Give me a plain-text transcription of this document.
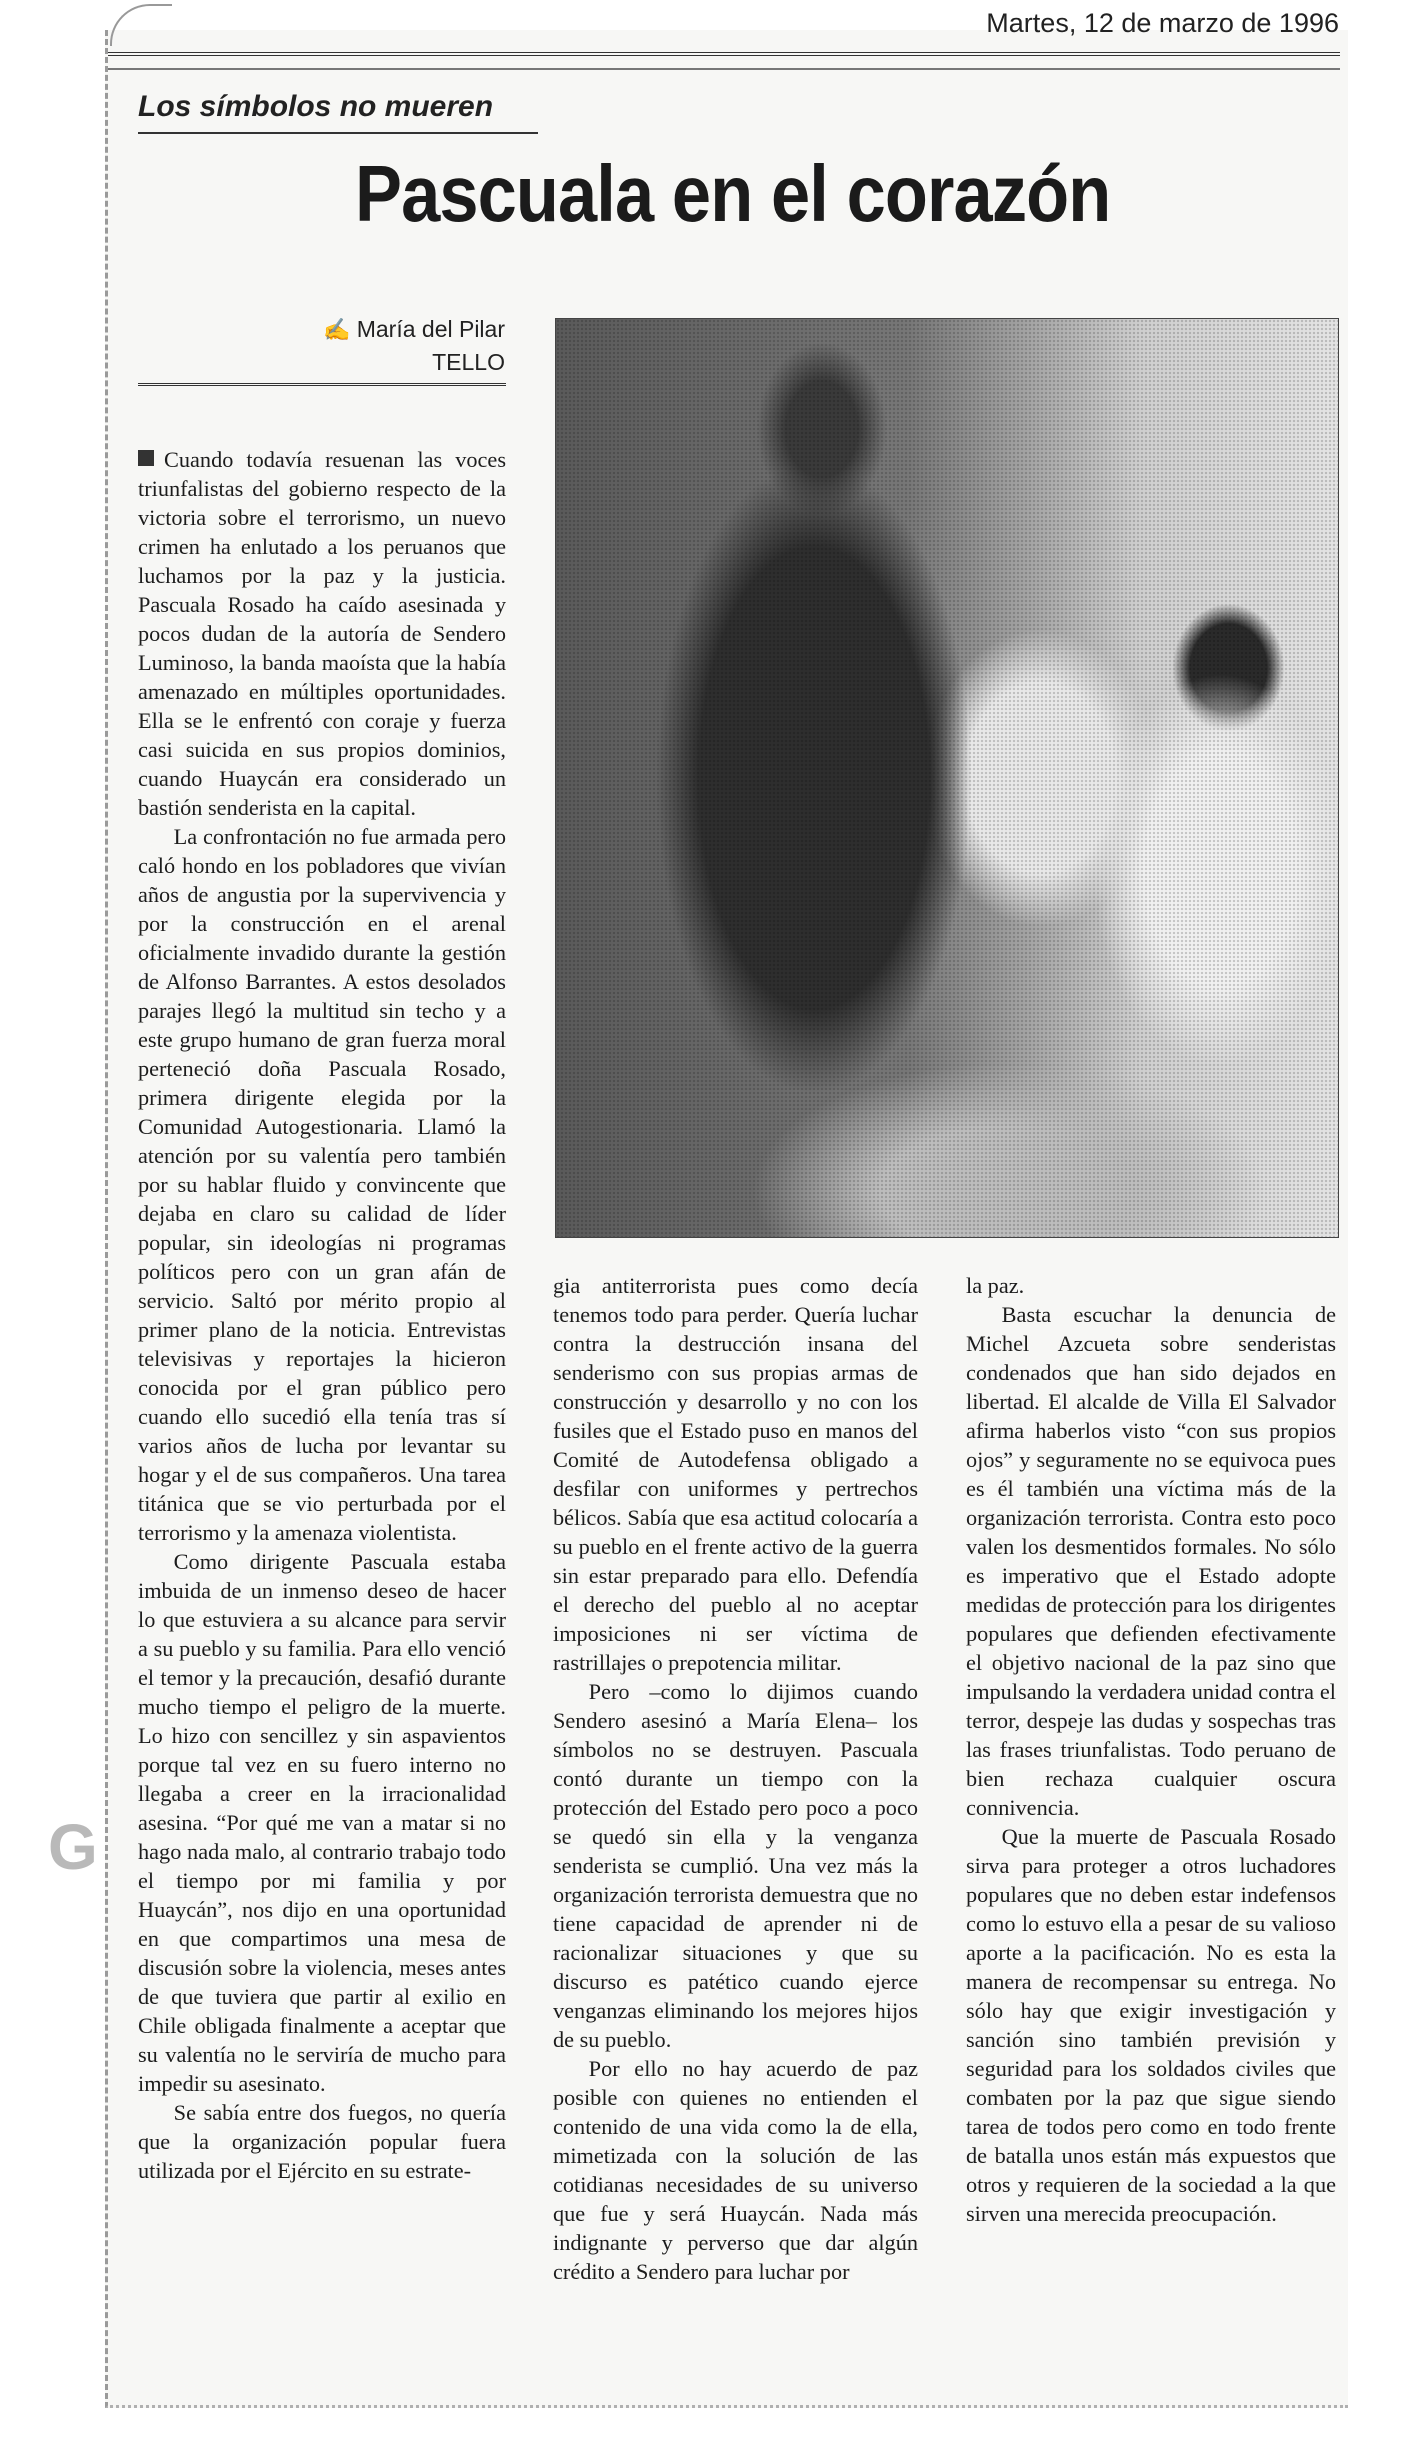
Martes, 12 de marzo de 1996
Los símbolos no mueren
Pascuala en el corazón
✍ María del Pilar
TELLO

Cuando todavía resuenan las voces triunfalistas del gobierno respecto de la victoria sobre el terrorismo, un nuevo crimen ha enlutado a los peruanos que luchamos por la paz y la justicia. Pascuala Rosado ha caído asesinada y pocos dudan de la autoría de Sendero Luminoso, la banda maoísta que la había amenazado en múltiples oportunidades. Ella se le enfrentó con coraje y fuerza casi suicida en sus propios dominios, cuando Huaycán era considerado un bastión senderista en la capital.

La confrontación no fue armada pero caló hondo en los pobladores que vivían años de angustia por la supervivencia y por la construcción en el arenal oficialmente invadido durante la gestión de Alfonso Barrantes. A estos desolados parajes llegó la multitud sin techo y a este grupo humano de gran fuerza moral perteneció doña Pascuala Rosado, primera dirigente elegida por la Comunidad Autogestionaria. Llamó la atención por su valentía pero también por su hablar fluido y convincente que dejaba en claro su calidad de líder popular, sin ideologías ni programas políticos pero con un gran afán de servicio. Saltó por mérito propio al primer plano de la noticia. Entrevistas televisivas y reportajes la hicieron conocida por el gran público pero cuando ello sucedió ella tenía tras sí varios años de lucha por levantar su hogar y el de sus compañeros. Una tarea titánica que se vio perturbada por el terrorismo y la amenaza violentista.

Como dirigente Pascuala estaba imbuida de un inmenso deseo de hacer lo que estuviera a su alcance para servir a su pueblo y su familia. Para ello venció el temor y la precaución, desafió durante mucho tiempo el peligro de la muerte. Lo hizo con sencillez y sin aspavientos porque tal vez en su fuero interno no llegaba a creer en la irracionalidad asesina. “Por qué me van a matar si no hago nada malo, al contrario trabajo todo el tiempo por mi familia y por Huaycán”, nos dijo en una oportunidad en que compartimos una mesa de discusión sobre la violencia, meses antes de que tuviera que partir al exilio en Chile obligada finalmente a aceptar que su valentía no le serviría de mucho para impedir su asesinato.

Se sabía entre dos fuegos, no quería que la organización popular fuera utilizada por el Ejército en su estrate-

gia antiterrorista pues como decía tenemos todo para perder. Quería luchar contra la destrucción insana del senderismo con sus propias armas de construcción y desarrollo y no con los fusiles que el Estado puso en manos del Comité de Autodefensa obligado a desfilar con uniformes y pertrechos bélicos. Sabía que esa actitud colocaría a su pueblo en el frente activo de la guerra sin estar preparado para ello. Defendía el derecho del pueblo al no aceptar imposiciones ni ser víctima de rastrillajes o prepotencia militar.

Pero –como lo dijimos cuando Sendero asesinó a María Elena– los símbolos no se destruyen. Pascuala contó durante un tiempo con la protección del Estado pero poco a poco se quedó sin ella y la venganza senderista se cumplió. Una vez más la organización terrorista demuestra que no tiene capacidad de aprender ni de racionalizar situaciones y que su discurso es patético cuando ejerce venganzas eliminando los mejores hijos de su pueblo.

Por ello no hay acuerdo de paz posible con quienes no entienden el contenido de una vida como la de ella, mimetizada con la solución de las cotidianas necesidades de su universo que fue y será Huaycán. Nada más indignante y perverso que dar algún crédito a Sendero para luchar por

la paz.

Basta escuchar la denuncia de Michel Azcueta sobre senderistas condenados que han sido dejados en libertad. El alcalde de Villa El Salvador afirma haberlos visto “con sus propios ojos” y seguramente no se equivoca pues es él también una víctima más de la organización terrorista. Contra esto poco valen los desmentidos formales. No sólo es imperativo que el Estado adopte medidas de protección para los dirigentes populares que defienden efectivamente el objetivo nacional de la paz sino que impulsando la verdadera unidad contra el terror, despeje las dudas y sospechas tras las frases triunfalistas. Todo peruano de bien rechaza cualquier oscura connivencia.

Que la muerte de Pascuala Rosado sirva para proteger a otros luchadores populares que no deben estar indefensos como lo estuvo ella a pesar de su valioso aporte a la pacificación. No es esta la manera de recompensar su entrega. No sólo hay que exigir investigación y sanción sino también previsión y seguridad para los soldados civiles que combaten por la paz que sigue siendo tarea de todos pero como en todo frente de batalla unos están más expuestos que otros y requieren de la sociedad a la que sirven una merecida preocupación.

G
